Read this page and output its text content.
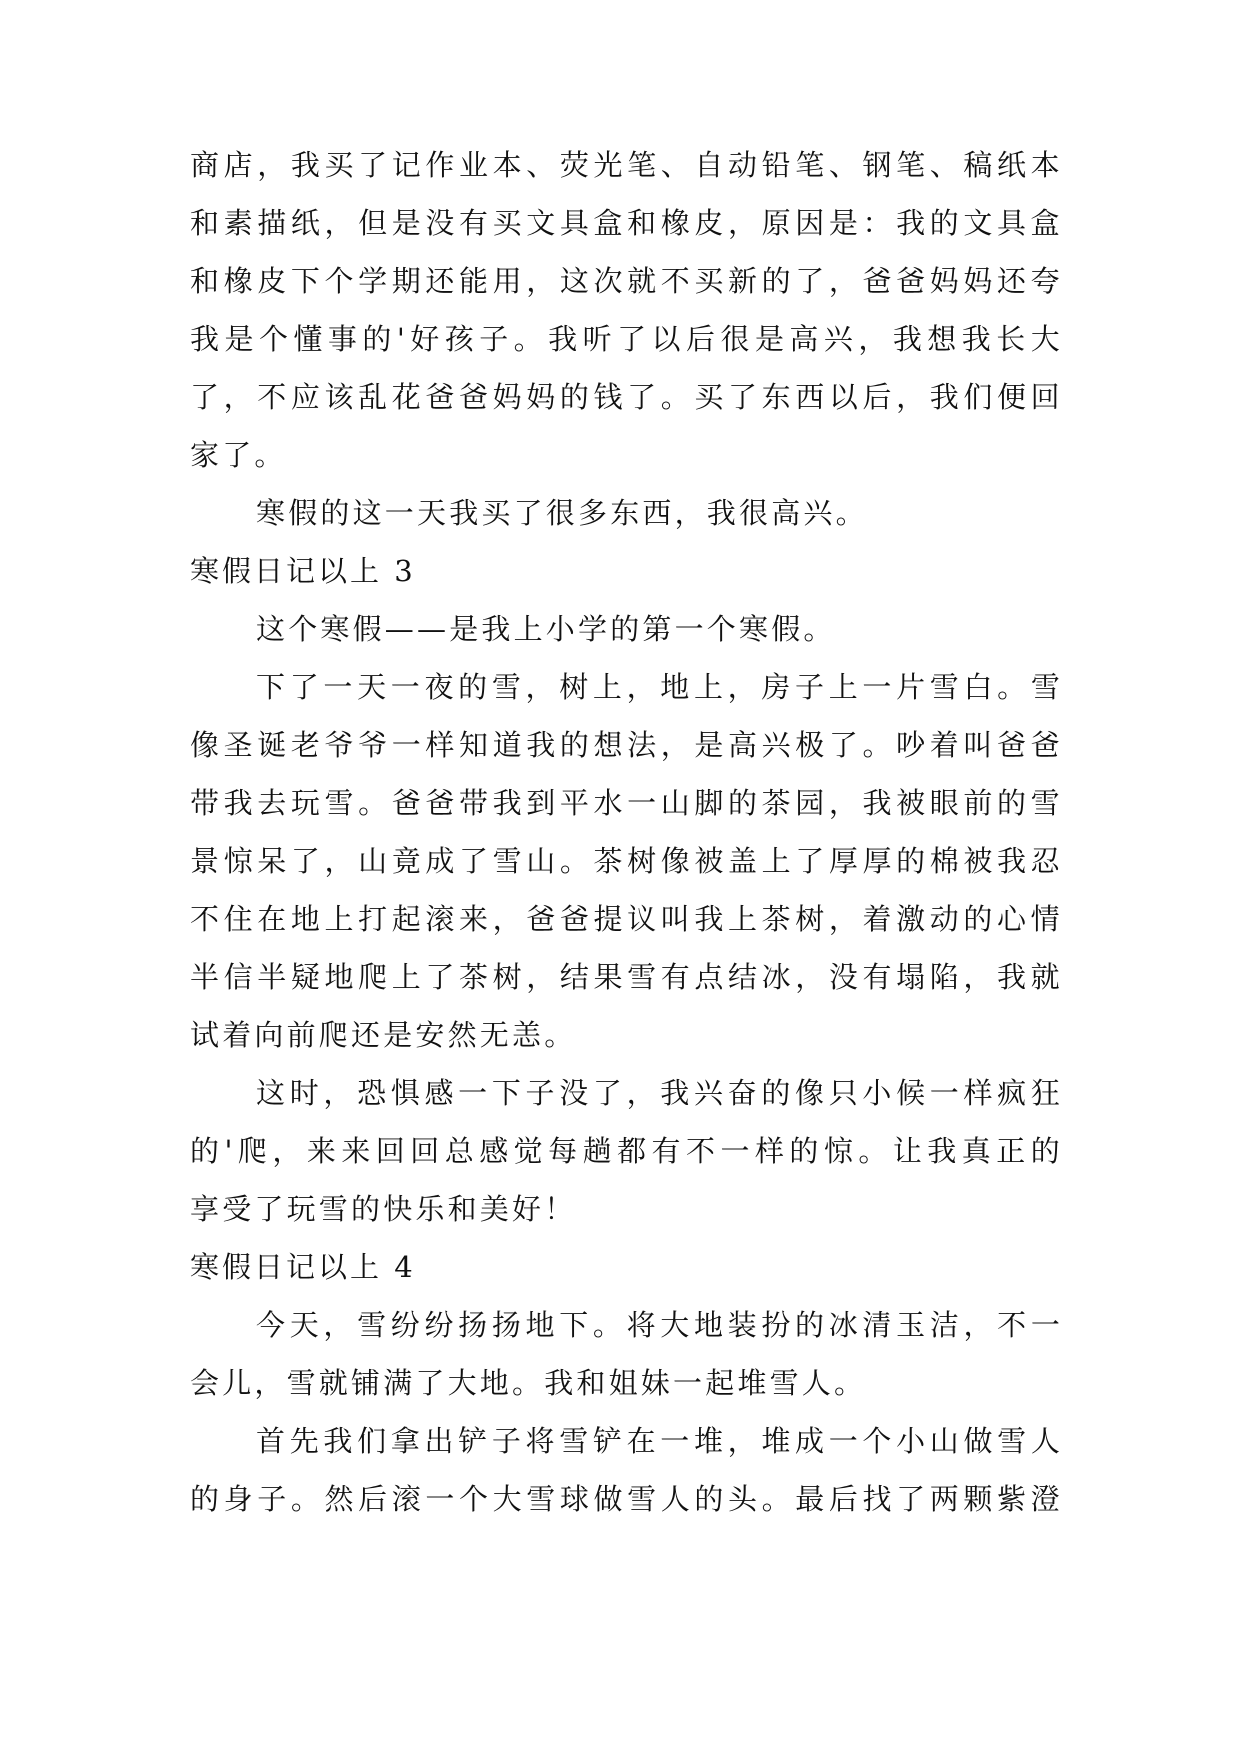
商 店 ， 我 买 了 记 作 业 本 、 荧 光 笔 、 自 动 铅 笔 、 钢 笔 、 稿 纸 本
和 素 描 纸 ， 但 是 没 有 买 文 具 盒 和 橡 皮 ， 原 因 是 ： 我 的 文 具 盒
和 橡 皮 下 个 学 期 还 能 用 ， 这 次 就 不 买 新 的 了 ， 爸 爸 妈 妈 还 夸
我 是 个 懂 事 的 ' 好 孩 子 。 我 听 了 以 后 很 是 高 兴 ， 我 想 我 长 大
了 ， 不 应 该 乱 花 爸 爸 妈 妈 的 钱 了 。 买 了 东 西 以 后 ， 我 们 便 回
家了。
寒假的这一天我买了很多东西，我很高兴。
寒假日记以上 3
这个寒假——是我上小学的第一个寒假。
下 了 一 天 一 夜 的 雪 ， 树 上 ， 地 上 ， 房 子 上 一 片 雪 白 。 雪
像 圣 诞 老 爷 爷 一 样 知 道 我 的 想 法 ， 是 高 兴 极 了 。 吵 着 叫 爸 爸
带 我 去 玩 雪 。 爸 爸 带 我 到 平 水 一 山 脚 的 茶 园 ， 我 被 眼 前 的 雪
景 惊 呆 了 ， 山 竟 成 了 雪 山 。 茶 树 像 被 盖 上 了 厚 厚 的 棉 被 我 忍
不 住 在 地 上 打 起 滚 来 ， 爸 爸 提 议 叫 我 上 茶 树 ， 着 激 动 的 心 情
半 信 半 疑 地 爬 上 了 茶 树 ， 结 果 雪 有 点 结 冰 ， 没 有 塌 陷 ， 我 就
试着向前爬还是安然无恙。
这 时 ， 恐 惧 感 一 下 子 没 了 ， 我 兴 奋 的 像 只 小 候 一 样 疯 狂
的 ' 爬 ， 来 来 回 回 总 感 觉 每 趟 都 有 不 一 样 的 惊 。 让 我 真 正 的
享受了玩雪的快乐和美好！
寒假日记以上 4
今 天 ， 雪 纷 纷 扬 扬 地 下 。 将 大 地 装 扮 的 冰 清 玉 洁 ， 不 一
会儿，雪就铺满了大地。我和姐妹一起堆雪人。
首 先 我 们 拿 出 铲 子 将 雪 铲 在 一 堆 ， 堆 成 一 个 小 山 做 雪 人
的 身 子 。 然 后 滚 一 个 大 雪 球 做 雪 人 的 头 。 最 后 找 了 两 颗 紫 澄
